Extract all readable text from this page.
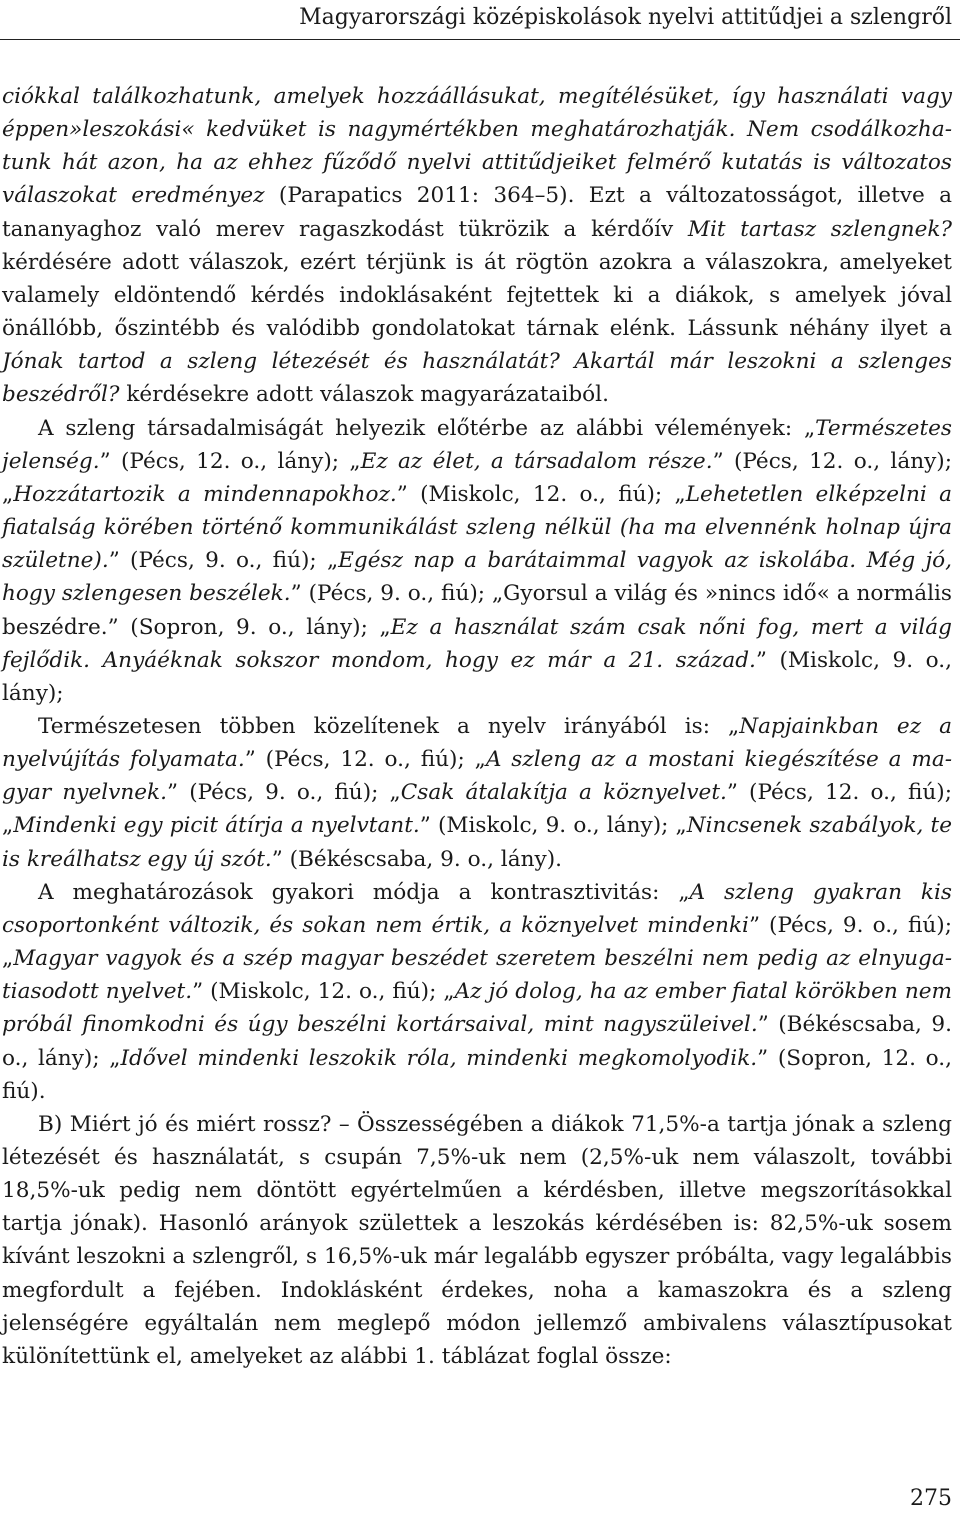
Magyarországi középiskolások nyelvi attitűdjei a szlengről

ciókkal találkozhatunk, amelyek hozzáállásukat, megítélésüket, így használati vagy éppen»leszokási« kedvüket is nagymértékben meghatározhatják. Nem csodálkozhatunk hát azon, ha az ehhez fűződő nyelvi attitűdjeiket felmérő kutatás is változatos válaszokat eredményez (Parapatics 2011: 364–5). Ezt a változatosságot, illetve a tananyaghoz való merev ragaszkodást tükrözik a kérdőív Mit tartasz szlengnek? kérdésére adott válaszok, ezért térjünk is át rögtön azokra a válaszokra, amelyeket valamely eldöntendő kérdés indoklásaként fejtettek ki a diákok, s amelyek jóval önállóbb, őszintébb és valódibb gondolatokat tárnak elénk. Lássunk néhány ilyet a Jónak tartod a szleng létezését és használatát? Akartál már leszokni a szlenges beszédről? kérdésekre adott válaszok magyarázataiból.

A szleng társadalmiságát helyezik előtérbe az alábbi vélemények: „Természetes jelenség.” (Pécs, 12. o., lány); „Ez az élet, a társadalom része.” (Pécs, 12. o., lány); „Hozzátartozik a mindennapokhoz.” (Miskolc, 12. o., fiú); „Lehetetlen elképzelni a fiatalság körében történő kommunikálást szleng nélkül (ha ma elvennénk holnap újra születne).” (Pécs, 9. o., fiú); „Egész nap a barátaimmal vagyok az iskolába. Még jó, hogy szlengesen beszélek.” (Pécs, 9. o., fiú); „Gyorsul a világ és »nincs idő« a normális beszédre.” (Sopron, 9. o., lány); „Ez a használat szám csak nőni fog, mert a világ fejlődik. Anyáéknak sokszor mondom, hogy ez már a 21. század.” (Miskolc, 9. o., lány);

Természetesen többen közelítenek a nyelv irányából is: „Napjainkban ez a nyelvújítás folyamata.” (Pécs, 12. o., fiú); „A szleng az a mostani kiegészítése a magyar nyelvnek.” (Pécs, 9. o., fiú); „Csak átalakítja a köznyelvet.” (Pécs, 12. o., fiú); „Mindenki egy picit átírja a nyelvtant.” (Miskolc, 9. o., lány); „Nincsenek szabályok, te is kreálhatsz egy új szót.” (Békéscsaba, 9. o., lány).

A meghatározások gyakori módja a kontrasztivitás: „A szleng gyakran kis csoportonként változik, és sokan nem értik, a köznyelvet mindenki” (Pécs, 9. o., fiú); „Magyar vagyok és a szép magyar beszédet szeretem beszélni nem pedig az elnyugatiasodott nyelvet.” (Miskolc, 12. o., fiú); „Az jó dolog, ha az ember fiatal körökben nem próbál finomkodni és úgy beszélni kortársaival, mint nagyszüleivel.” (Békéscsaba, 9. o., lány); „Idővel mindenki leszokik róla, mindenki megkomolyodik.” (Sopron, 12. o., fiú).

B) Miért jó és miért rossz? – Összességében a diákok 71,5%-a tartja jónak a szleng létezését és használatát, s csupán 7,5%-uk nem (2,5%-uk nem válaszolt, további 18,5%-uk pedig nem döntött egyértelműen a kérdésben, illetve megszorításokkal tartja jónak). Hasonló arányok születtek a leszokás kérdésében is: 82,5%-uk sosem kívánt leszokni a szlengről, s 16,5%-uk már legalább egyszer próbálta, vagy legalábbis megfordult a fejében. Indoklásként érdekes, noha a kamaszokra és a szleng jelenségére egyáltalán nem meglepő módon jellemző ambivalens választípusokat különítettünk el, amelyeket az alábbi 1. táblázat foglal össze:

275
